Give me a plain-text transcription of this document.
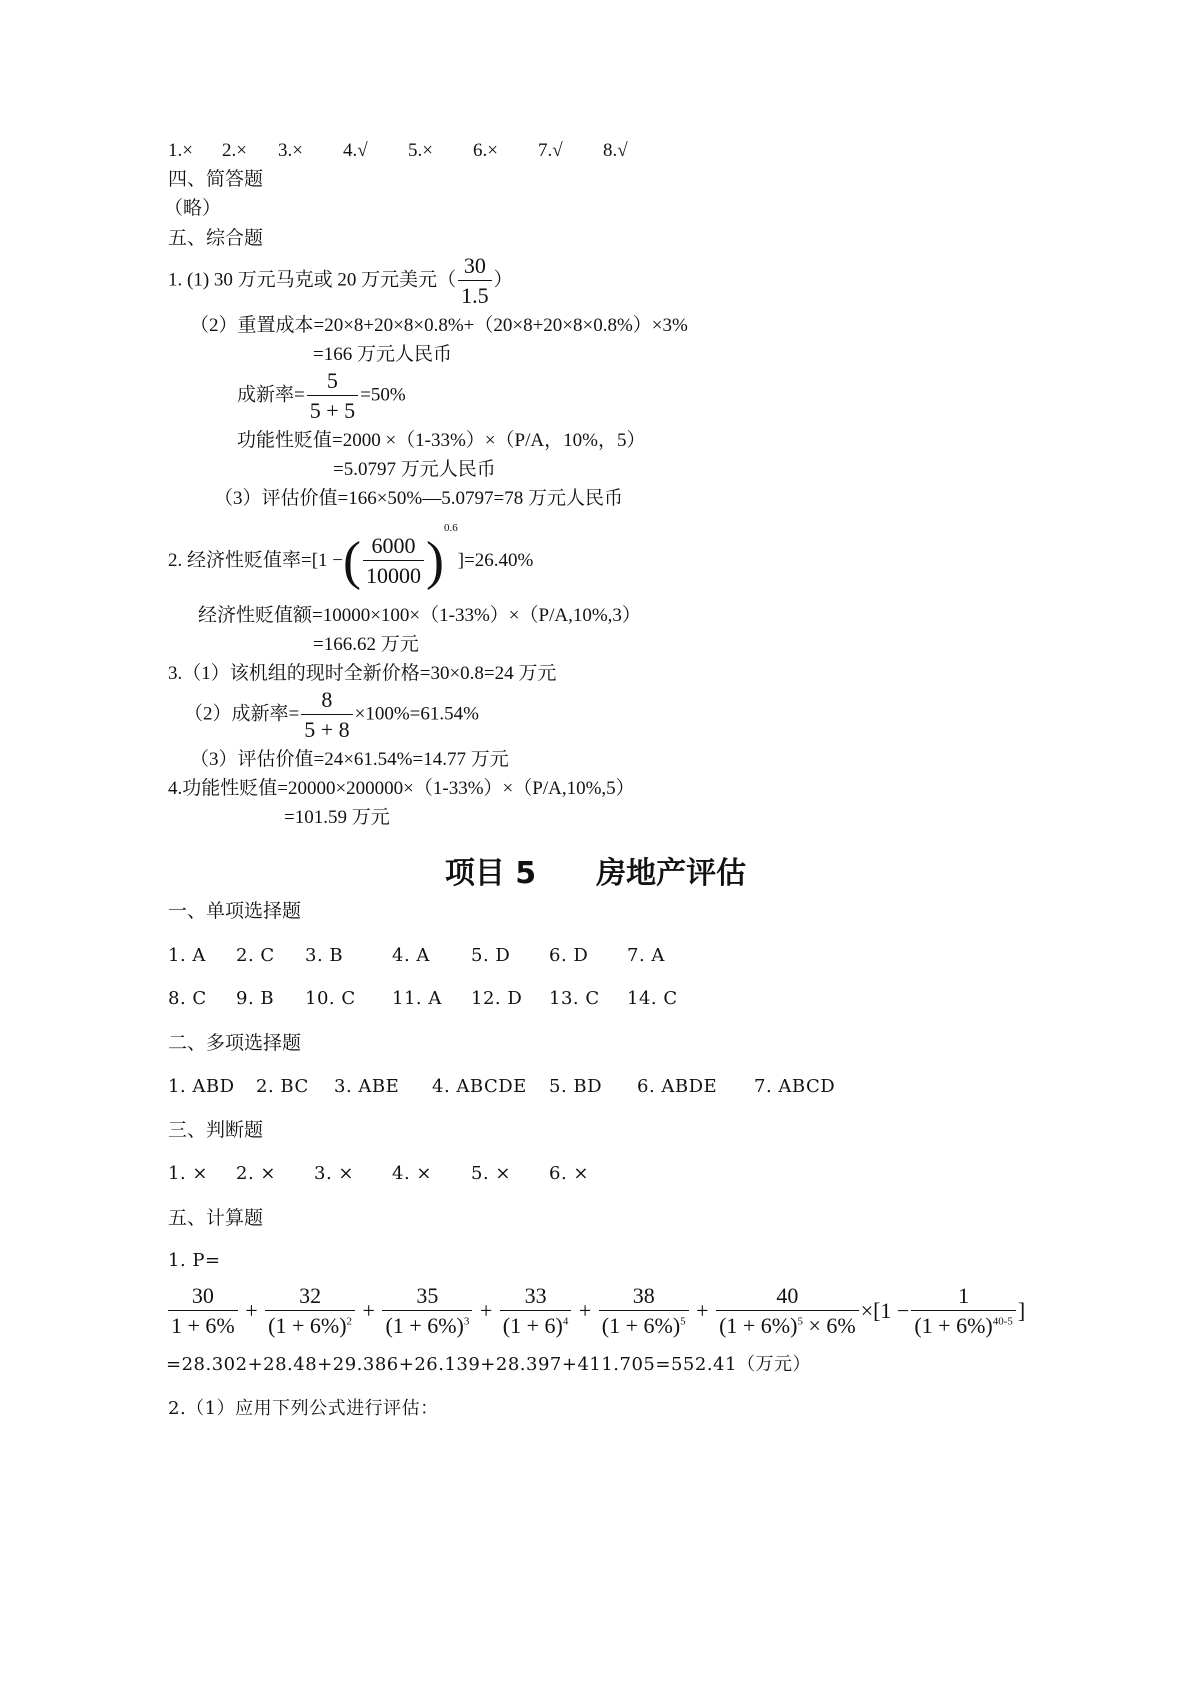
1.× 2.× 3.× 4.√ 5.× 6.× 7.√ 8.√
四、简答题
（略）
五、综合题
1. (1) 30 万元马克或 20 万元美元（ $\frac{30}{1.5}$ ）
（2）重置成本=20×8+20×8×0.8%+（20×8+20×8×0.8%）×3%
=166 万元人民币
成新率= $\frac{5}{5 + 5} =50\%$
功能性贬值=2000 ×（1-33%）×（P/A，10%，5）
=5.0797 万元人民币
（3）评估价值=166×50%—5.0797=78 万元人民币
2. 经济性贬值率=[1 −( $\frac{6000}{10000} )^{0.6}]=26.40\%$
经济性贬值额=10000×100×（1-33%）×（P/A,10%,3）
=166.62 万元
3.（1）该机组的现时全新价格=30×0.8=24 万元
（2）成新率= $\frac{8}{5 + 8} \times 100\%=61.54\%$
（3）评估价值=24×61.54%=14.77 万元
4.功能性贬值=20000×200000×（1-33%）×（P/A,10%,5）
=101.59 万元
项目 5 房地产评估
一、单项选择题
1. A 2. C 3. B	4. A 5. D 6. D 7. A
8. C 9. B 10. C 11. A 12. D 13. C 14. C
二、多项选择题
1. ABD 2. BC 3. ABE 4. ABCDE 5. BD 6. ABDE 7. ABCD
三、判断题
1. × 2. × 3. × 4. × 5. × 6. ×
五、计算题
1. P=
$\frac{30}{1 + 6\%} + \frac{32}{(1 + 6\%)^2} + \frac{35}{(1 + 6\%)^3} + \frac{33}{(1 + 6)^4} + \frac{38}{(1 + 6\%)^5} + \frac{40}{(1 + 6\%)^5 \times 6\%} \times[1 - \frac{1}{(1 + 6\%)^{40-5}}$ ]
=28.302+28.48+29.386+26.139+28.397+411.705=552.41（万元）
2.（1）应用下列公式进行评估：
